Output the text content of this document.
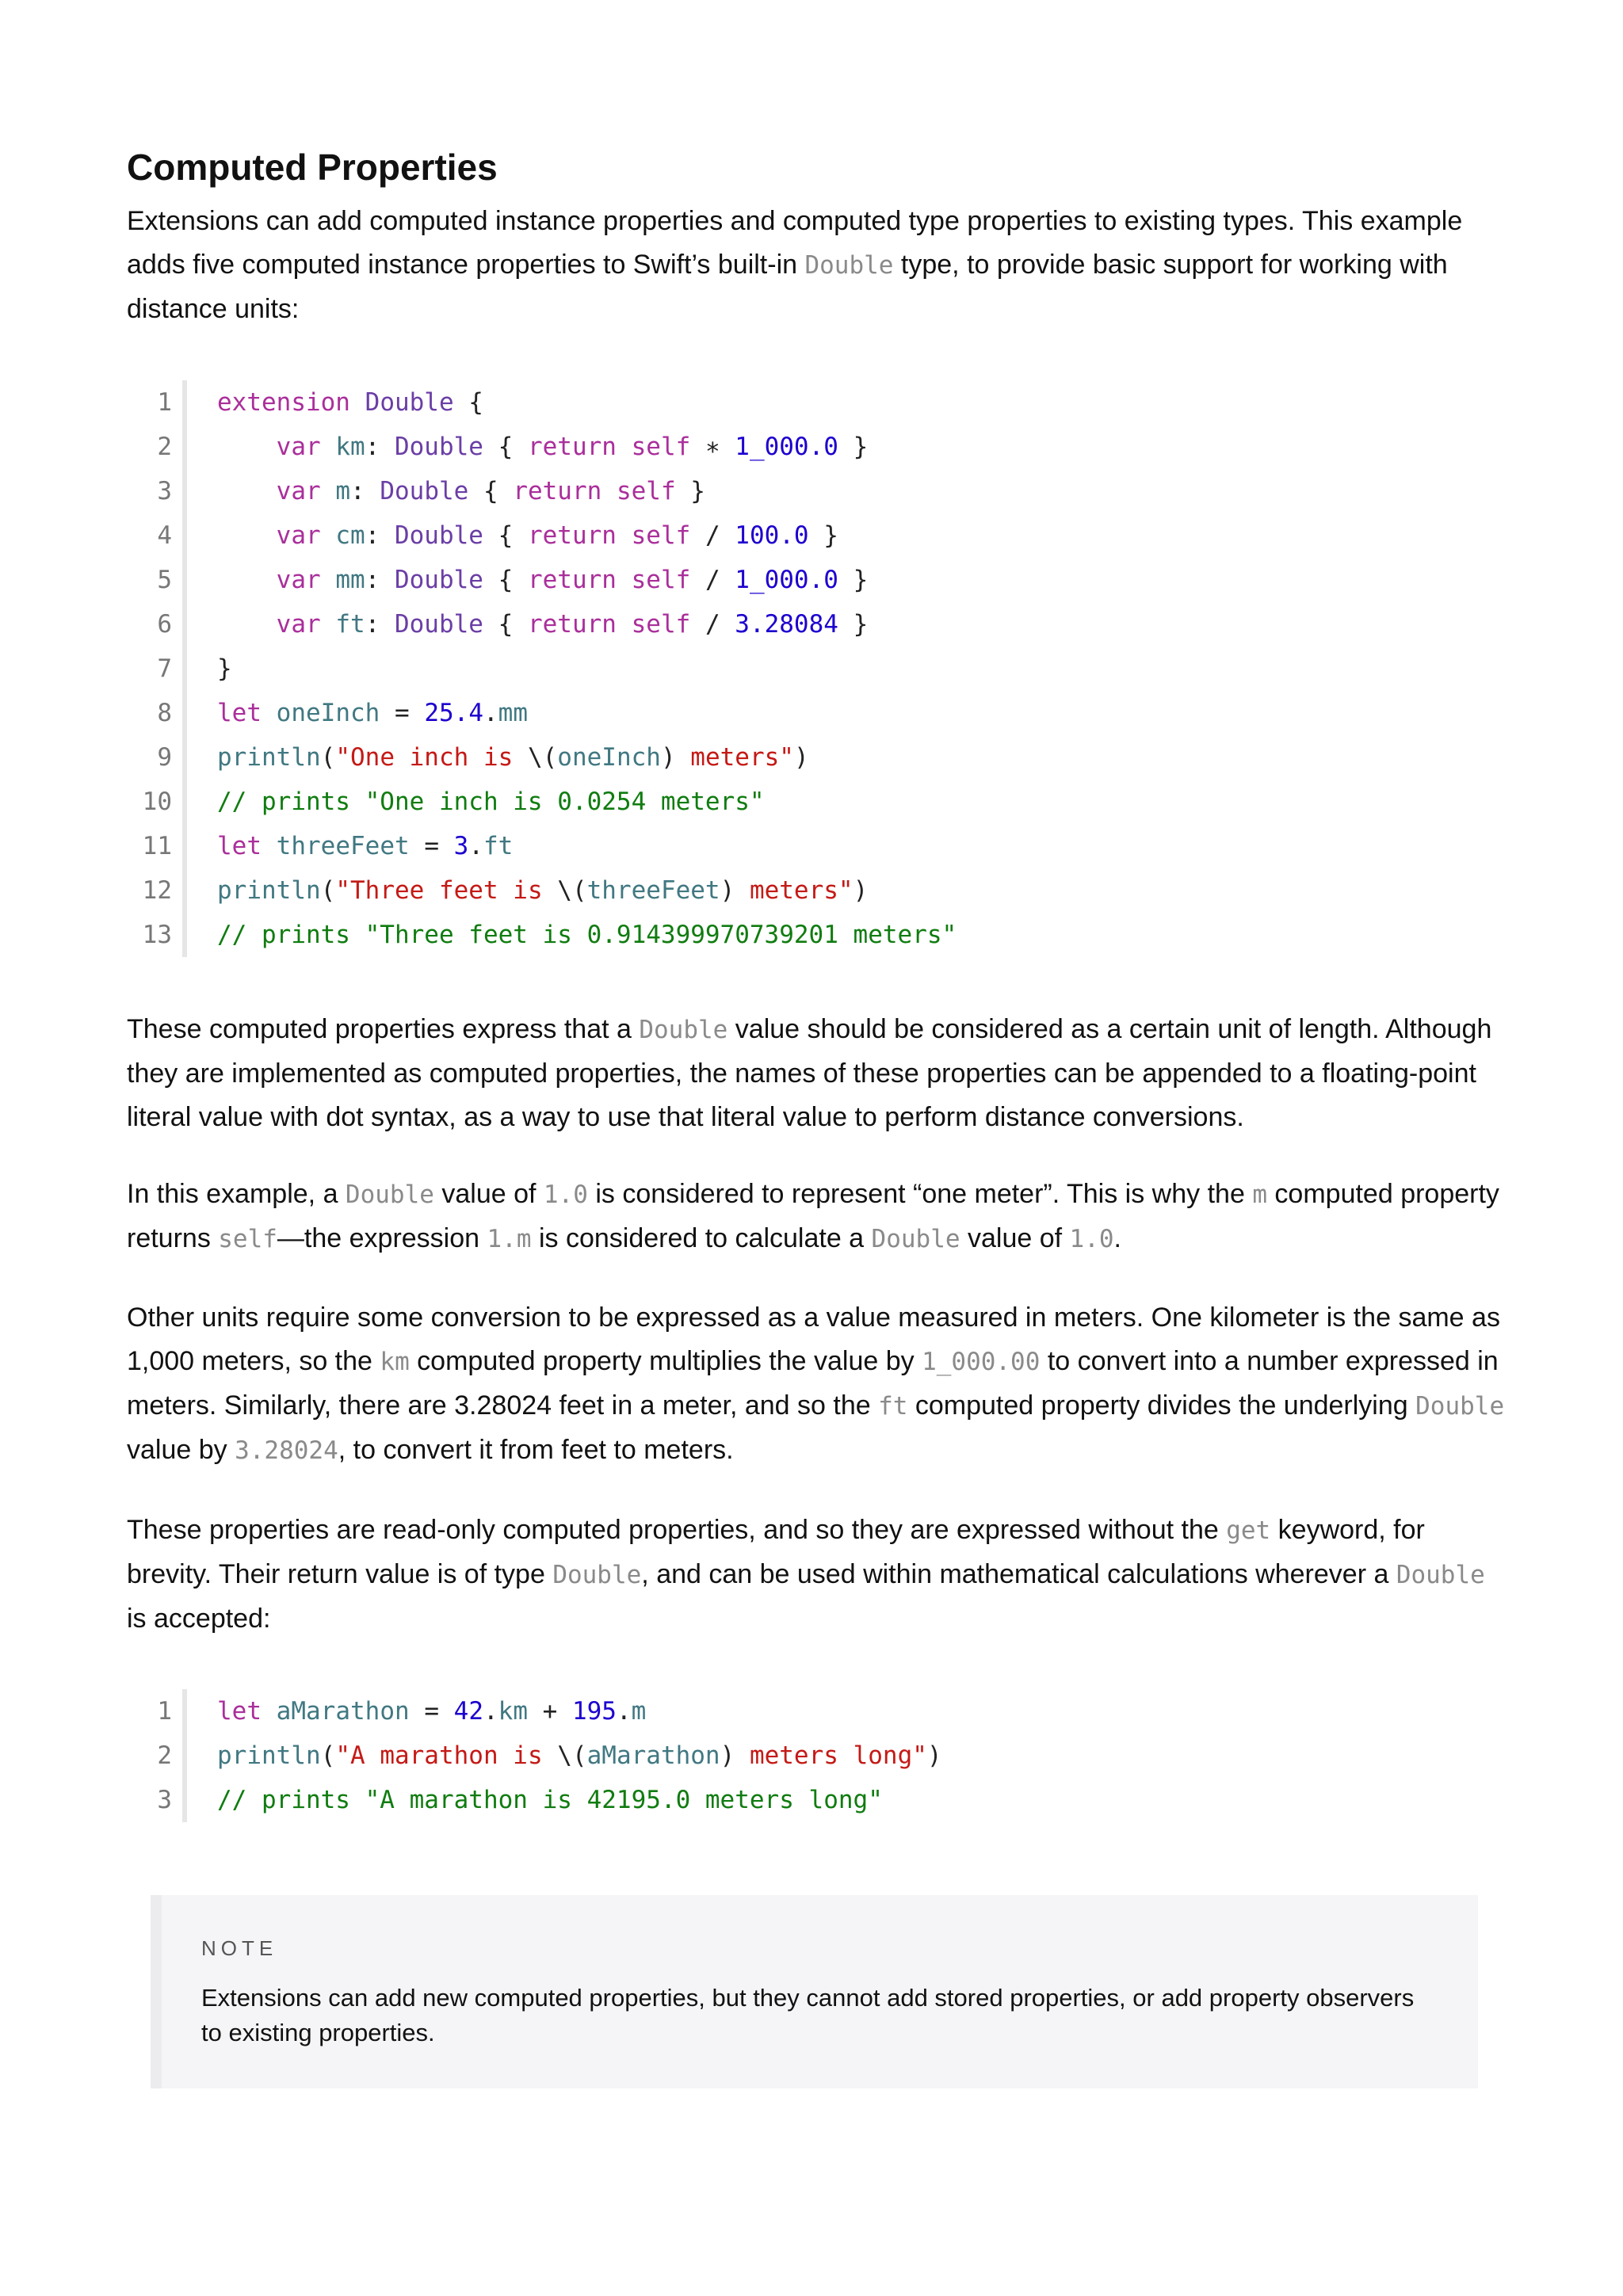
Computed Properties

Extensions can add computed instance properties and computed type properties to existing types. This example adds five computed instance properties to Swift’s built-in Double type, to provide basic support for working with distance units:

1 extension Double {
2	var km: Double { return self ∗ 1_000.0 }
3	var m: Double { return self }
4	var cm: Double { return self / 100.0 }
5	var mm: Double { return self / 1_000.0 }
6	var ft: Double { return self / 3.28084 }
7 }
8 let oneInch = 25.4.mm
9 println("One inch is \(oneInch) meters")
10 // prints "One inch is 0.0254 meters"
11 let threeFeet = 3.ft
12 println("Three feet is \(threeFeet) meters")
13 // prints "Three feet is 0.914399970739201 meters"

These computed properties express that a Double value should be considered as a certain unit of length. Although they are implemented as computed properties, the names of these properties can be appended to a floating-point literal value with dot syntax, as a way to use that literal value to perform distance conversions.

In this example, a Double value of 1.0 is considered to represent “one meter”. This is why the m computed property returns self—the expression 1.m is considered to calculate a Double value of 1.0.

Other units require some conversion to be expressed as a value measured in meters. One kilometer is the same as 1,000 meters, so the km computed property multiplies the value by 1_000.00 to convert into a number expressed in meters. Similarly, there are 3.28024 feet in a meter, and so the ft computed property divides the underlying Double value by 3.28024, to convert it from feet to meters.

These properties are read-only computed properties, and so they are expressed without the get keyword, for brevity. Their return value is of type Double, and can be used within mathematical calculations wherever a Double is accepted:

1 let aMarathon = 42.km + 195.m
2 println("A marathon is \(aMarathon) meters long")
3 // prints "A marathon is 42195.0 meters long"

NOTE

Extensions can add new computed properties, but they cannot add stored properties, or add property observers to existing properties.
